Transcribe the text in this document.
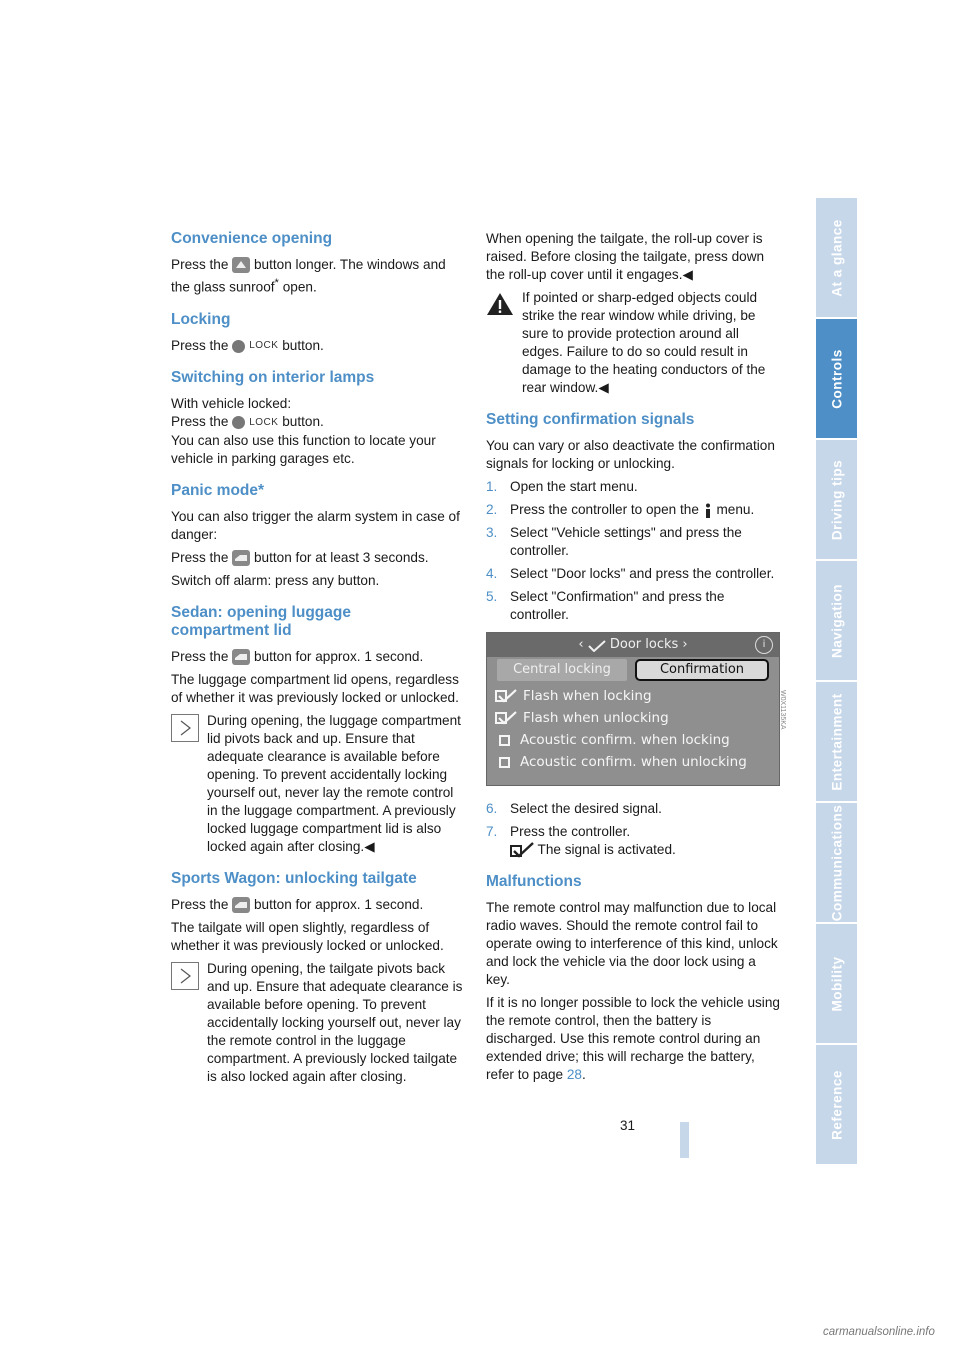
Convenience opening

Press the button longer. The windows and the glass sunroof* open.

Locking

Press the LOCK button.

Switching on interior lamps
With vehicle locked:
Press the LOCK button.
You can also use this function to locate your vehicle in parking garages etc.
Panic mode*

You can also trigger the alarm system in case of danger:

Press the button for at least 3 seconds.

Switch off alarm: press any button.

Sedan: opening luggage
compartment lid

Press the button for approx. 1 second.

The luggage compartment lid opens, regardless of whether it was previously locked or unlocked.

During opening, the luggage compartment lid pivots back and up. Ensure that adequate clearance is available before opening. To prevent accidentally locking yourself out, never lay the remote control in the luggage compartment. A previously locked luggage compartment lid is also locked again after closing.◀
Sports Wagon: unlocking tailgate

Press the button for approx. 1 second.

The tailgate will open slightly, regardless of whether it was previously locked or unlocked.

During opening, the tailgate pivots back and up. Ensure that adequate clearance is available before opening. To prevent accidentally locking yourself out, never lay the remote control in the luggage compartment. A previously locked tailgate is also locked again after closing.

When opening the tailgate, the roll-up cover is raised. Before closing the tailgate, press down the roll-up cover until it engages.◀

If pointed or sharp-edged objects could strike the rear window while driving, be sure to provide protection around all edges. Failure to do so could result in damage to the heating conductors of the rear window.◀
Setting confirmation signals

You can vary or also deactivate the confirmation signals for locking or unlocking.

1. Open the start menu.
2. Press the controller to open the menu.
3. Select "Vehicle settings" and press the controller.
4. Select "Door locks" and press the controller.
5. Select "Confirmation" and press the controller.
‹  Door locks ›	i
Central locking	Confirmation
Flash when locking
Flash when unlocking
Acoustic confirm. when locking
Acoustic confirm. when unlocking
6. Select the desired signal.
7. Press the controller.
The signal is activated.
Malfunctions

The remote control may malfunction due to local radio waves. Should the remote control fail to operate owing to interference of this kind, unlock and lock the vehicle via the door lock using a key.

If it is no longer possible to lock the vehicle using the remote control, then the battery is discharged. Use this remote control during an extended drive; this will recharge the battery, refer to page 28.

W0X1135KA
At a glance
Controls
Driving tips
Navigation
Entertainment
Communications
Mobility
Reference
31
carmanualsonline.info
